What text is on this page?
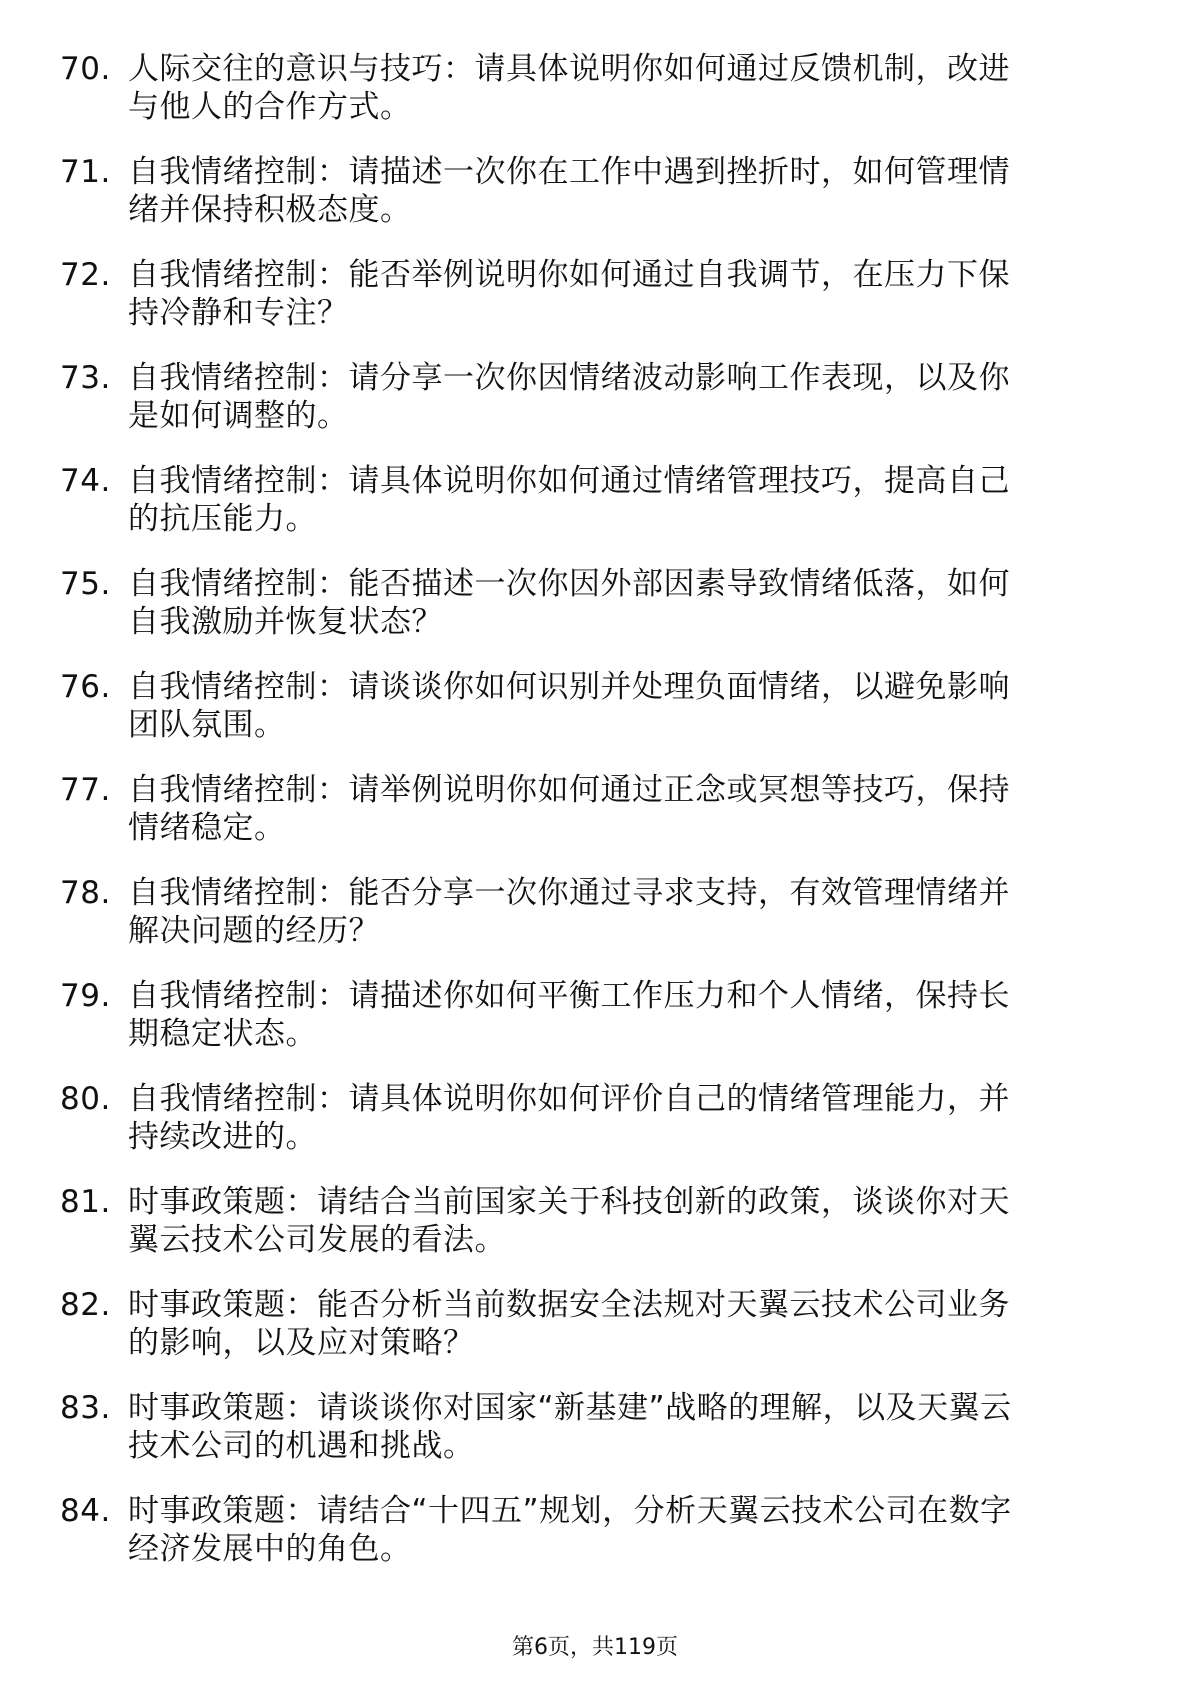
70. 人际交往的意识与技巧：请具体说明你如何通过反馈机制，改进
与他人的合作方式。
71. 自我情绪控制：请描述一次你在工作中遇到挫折时，如何管理情
绪并保持积极态度。
72. 自我情绪控制：能否举例说明你如何通过自我调节，在压力下保
持冷静和专注？
73. 自我情绪控制：请分享一次你因情绪波动影响工作表现，以及你
是如何调整的。
74. 自我情绪控制：请具体说明你如何通过情绪管理技巧，提高自己
的抗压能力。
75. 自我情绪控制：能否描述一次你因外部因素导致情绪低落，如何
自我激励并恢复状态？
76. 自我情绪控制：请谈谈你如何识别并处理负面情绪，以避免影响
团队氛围。
77. 自我情绪控制：请举例说明你如何通过正念或冥想等技巧，保持
情绪稳定。
78. 自我情绪控制：能否分享一次你通过寻求支持，有效管理情绪并
解决问题的经历？
79. 自我情绪控制：请描述你如何平衡工作压力和个人情绪，保持长
期稳定状态。
80. 自我情绪控制：请具体说明你如何评价自己的情绪管理能力，并
持续改进的。
81. 时事政策题：请结合当前国家关于科技创新的政策，谈谈你对天
翼云技术公司发展的看法。
82. 时事政策题：能否分析当前数据安全法规对天翼云技术公司业务
的影响，以及应对策略？
83. 时事政策题：请谈谈你对国家“新基建”战略的理解，以及天翼云
技术公司的机遇和挑战。
84. 时事政策题：请结合“十四五”规划，分析天翼云技术公司在数字
经济发展中的角色。
第6页，共119页
